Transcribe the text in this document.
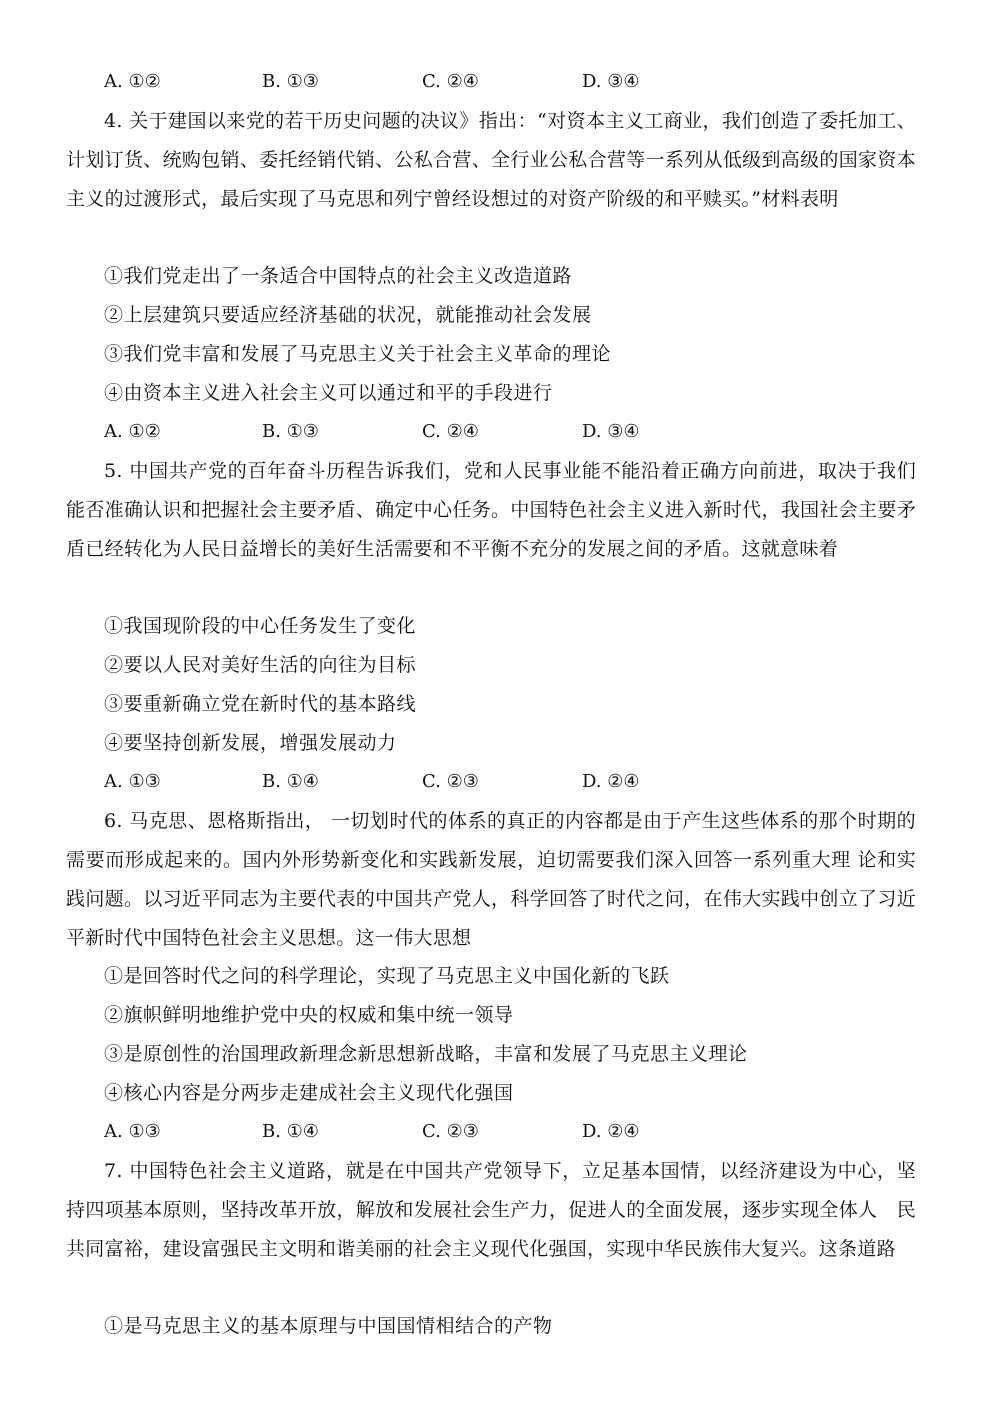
A. ①②	B. ①③	C. ②④	D. ③④
4. 关于建国以来党的若干历史问题的决议》指出：“对资本主义工商业，我们创造了委托加工、计划订货、统购包销、委托经销代销、公私合营、全行业公私合营等一系列从低级到高级的国家资本主义的过渡形式，最后实现了马克思和列宁曾经设想过的对资产阶级的和平赎买。”材料表明
①我们党走出了一条适合中国特点的社会主义改造道路
②上层建筑只要适应经济基础的状况，就能推动社会发展
③我们党丰富和发展了马克思主义关于社会主义革命的理论
④由资本主义进入社会主义可以通过和平的手段进行
A. ①②	B. ①③	C. ②④	D. ③④
5. 中国共产党的百年奋斗历程告诉我们，党和人民事业能不能沿着正确方向前进，取决于我们能否准确认识和把握社会主要矛盾、确定中心任务。中国特色社会主义进入新时代，我国社会主要矛盾已经转化为人民日益增长的美好生活需要和不平衡不充分的发展之间的矛盾。这就意味着
①我国现阶段的中心任务发生了变化
②要以人民对美好生活的向往为目标
③要重新确立党在新时代的基本路线
④要坚持创新发展，增强发展动力
A. ①③	B. ①④	C. ②③	D. ②④
6. 马克思、恩格斯指出， 一切划时代的体系的真正的内容都是由于产生这些体系的那个时期的需要而形成起来的。国内外形势新变化和实践新发展，迫切需要我们深入回答一系列重大理 论和实践问题。以习近平同志为主要代表的中国共产党人，科学回答了时代之问，在伟大实践中创立了习近平新时代中国特色社会主义思想。这一伟大思想
①是回答时代之问的科学理论，实现了马克思主义中国化新的飞跃
②旗帜鲜明地维护党中央的权威和集中统一领导
③是原创性的治国理政新理念新思想新战略，丰富和发展了马克思主义理论
④核心内容是分两步走建成社会主义现代化强国
A. ①③	B. ①④	C. ②③	D. ②④
7. 中国特色社会主义道路，就是在中国共产党领导下，立足基本国情，以经济建设为中心，坚持四项基本原则，坚持改革开放，解放和发展社会生产力，促进人的全面发展，逐步实现全体人　民共同富裕，建设富强民主文明和谐美丽的社会主义现代化强国，实现中华民族伟大复兴。这条道路
①是马克思主义的基本原理与中国国情相结合的产物
